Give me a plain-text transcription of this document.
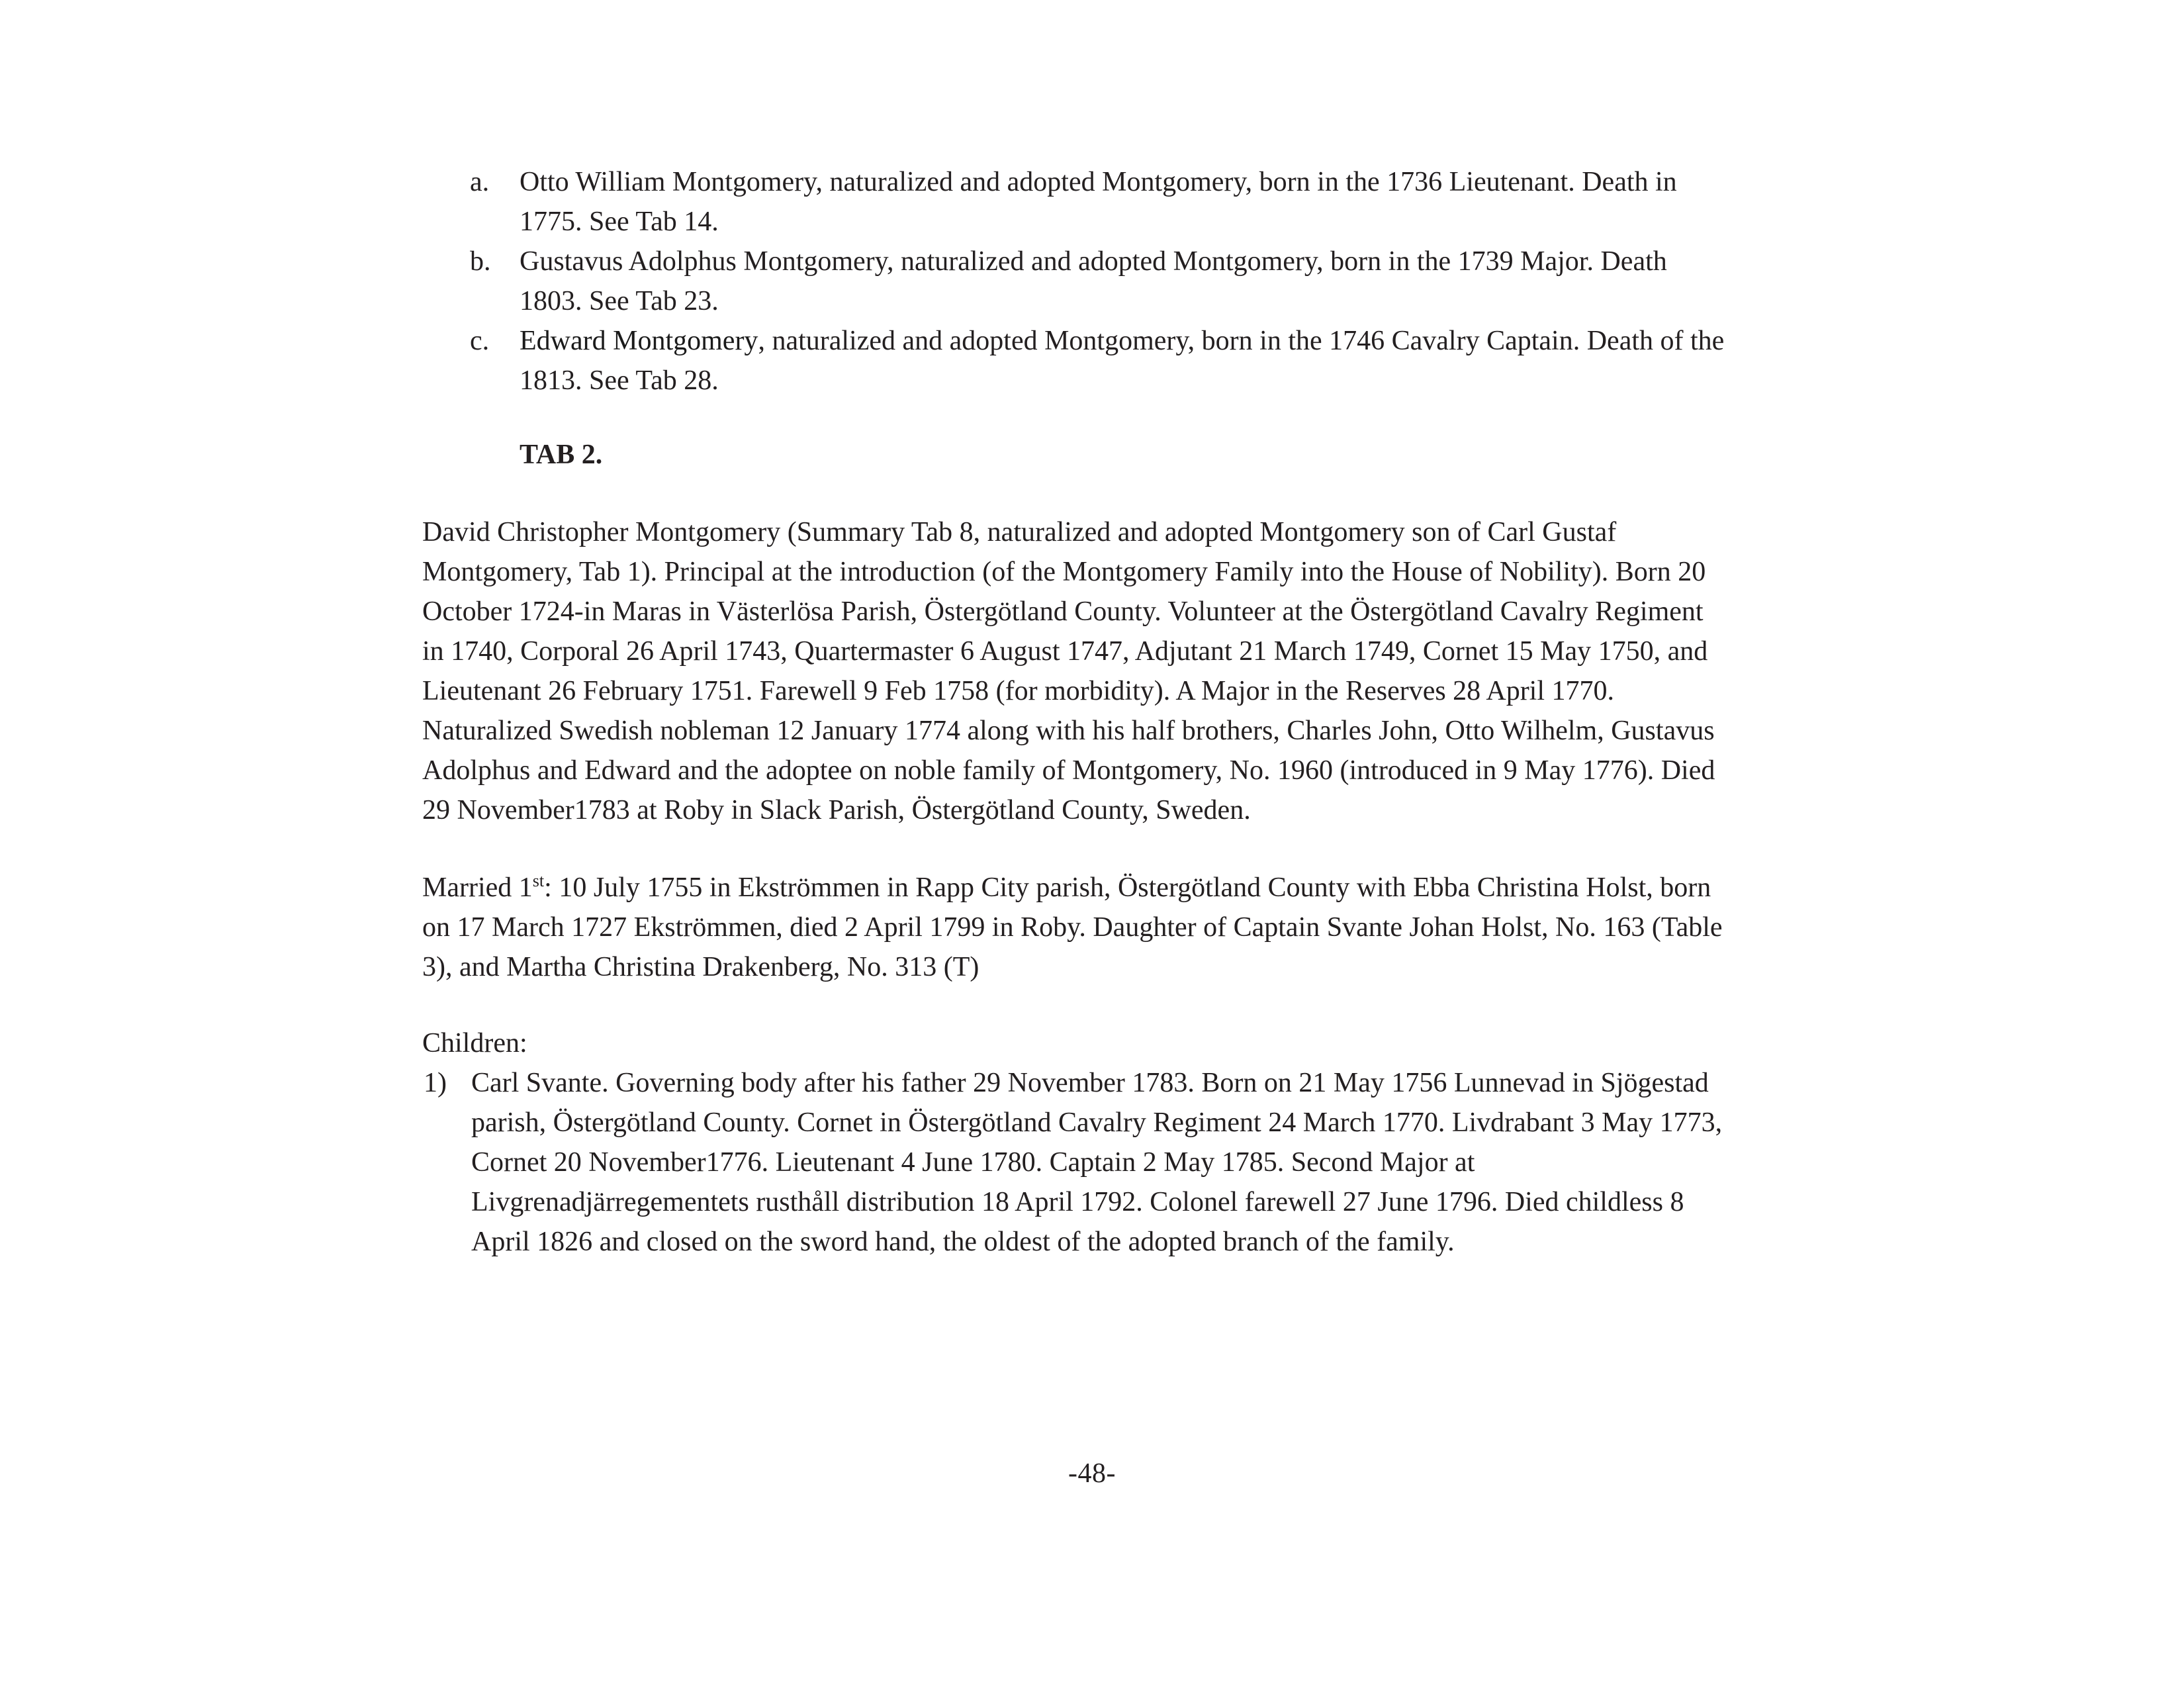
a.	Otto William Montgomery, naturalized and adopted Montgomery, born in the 1736 Lieutenant. Death in 1775. See Tab 14.
b.	Gustavus Adolphus Montgomery, naturalized and adopted Montgomery, born in the 1739 Major. Death 1803. See Tab 23.
c.	Edward Montgomery, naturalized and adopted Montgomery, born in the 1746 Cavalry Captain. Death of the 1813. See Tab 28.
TAB 2.

David Christopher Montgomery (Summary Tab 8, naturalized and adopted Montgomery son of Carl Gustaf Montgomery, Tab 1). Principal at the introduction (of the Montgomery Family into the House of Nobility). Born 20 October 1724-in Maras in Västerlösa Parish, Östergötland County. Volunteer at the Östergötland Cavalry Regiment in 1740, Corporal 26 April 1743, Quartermaster 6 August 1747, Adjutant 21 March 1749, Cornet 15 May 1750, and Lieutenant 26 February 1751. Farewell 9 Feb 1758 (for morbidity). A Major in the Reserves 28 April 1770. Naturalized Swedish nobleman 12 January 1774 along with his half brothers, Charles John, Otto Wilhelm, Gustavus Adolphus and Edward and the adoptee on noble family of Montgomery, No. 1960 (introduced in 9 May 1776). Died 29 November1783 at Roby in Slack Parish, Östergötland County, Sweden.

Married 1st: 10 July 1755 in Ekströmmen in Rapp City parish, Östergötland County with Ebba Christina Holst, born on 17 March 1727 Ekströmmen, died 2 April 1799 in Roby. Daughter of Captain Svante Johan Holst, No. 163 (Table 3), and Martha Christina Drakenberg, No. 313 (T)

Children:

1) Carl Svante. Governing body after his father 29 November 1783. Born on 21 May 1756 Lunnevad in Sjögestad parish, Östergötland County. Cornet in Östergötland Cavalry Regiment 24 March 1770. Livdrabant 3 May 1773, Cornet 20 November1776. Lieutenant 4 June 1780. Captain 2 May 1785. Second Major at Livgrenadjärregementets rusthåll distribution 18 April 1792. Colonel farewell 27 June 1796. Died childless 8 April 1826 and closed on the sword hand, the oldest of the adopted branch of the family.
-48-
